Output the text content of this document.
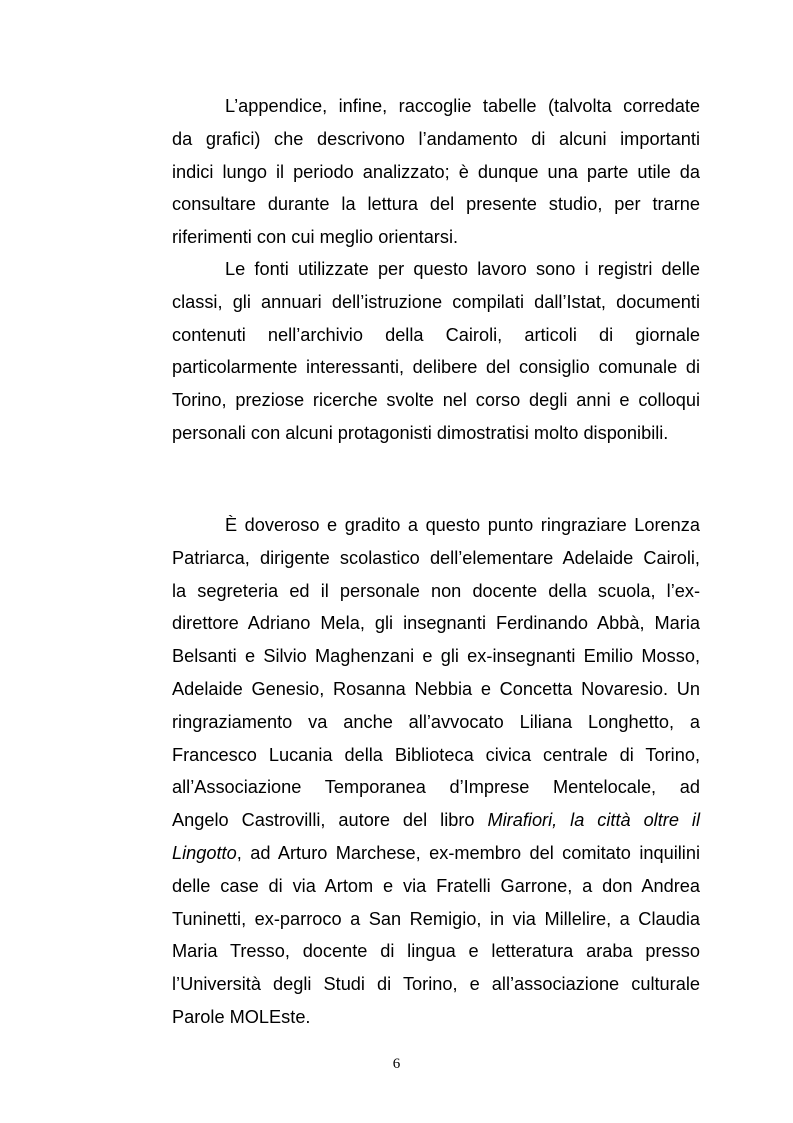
L’appendice, infine, raccoglie tabelle (talvolta corredate
da grafici) che descrivono l’andamento di alcuni importanti
indici lungo il periodo analizzato; è dunque una parte utile da
consultare durante la lettura del presente studio, per trarne
riferimenti con cui meglio orientarsi.

Le fonti utilizzate per questo lavoro sono i registri delle
classi, gli annuari dell’istruzione compilati dall’Istat, documenti
contenuti nell’archivio della Cairoli, articoli di giornale
particolarmente interessanti, delibere del consiglio comunale di
Torino, preziose ricerche svolte nel corso degli anni e colloqui
personali con alcuni protagonisti dimostratisi molto disponibili.

È doveroso e gradito a questo punto ringraziare Lorenza
Patriarca, dirigente scolastico dell’elementare Adelaide Cairoli,
la segreteria ed il personale non docente della scuola, l’ex-
direttore Adriano Mela, gli insegnanti Ferdinando Abbà, Maria
Belsanti e Silvio Maghenzani e gli ex-insegnanti Emilio Mosso,
Adelaide Genesio, Rosanna Nebbia e Concetta Novaresio. Un
ringraziamento va anche all’avvocato Liliana Longhetto, a
Francesco Lucania della Biblioteca civica centrale di Torino,
all’Associazione Temporanea d’Imprese Mentelocale, ad
Angelo Castrovilli, autore del libro Mirafiori, la città oltre il
Lingotto, ad Arturo Marchese, ex-membro del comitato inquilini
delle case di via Artom e via Fratelli Garrone, a don Andrea
Tuninetti, ex-parroco a San Remigio, in via Millelire, a Claudia
Maria Tresso, docente di lingua e letteratura araba presso
l’Università degli Studi di Torino, e all’associazione culturale
Parole MOLEste.

6
